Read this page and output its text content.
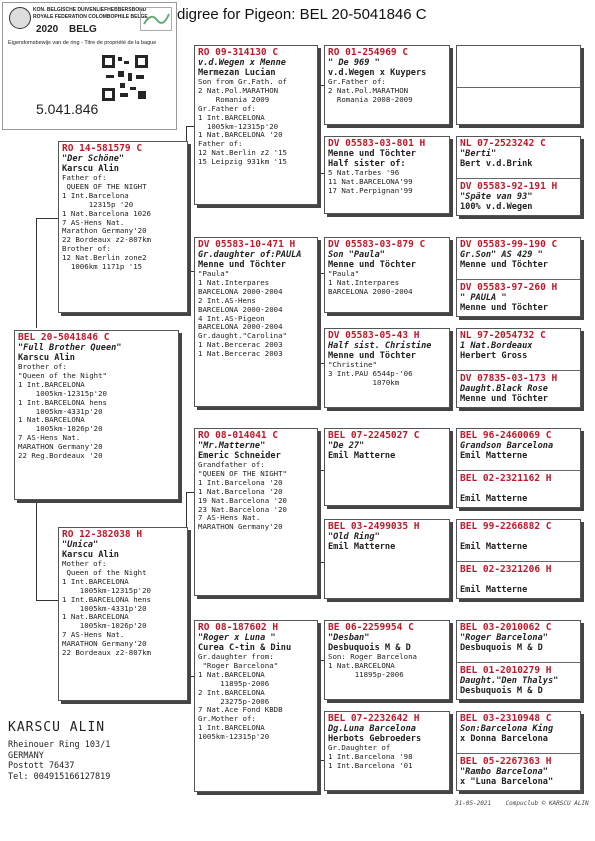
digree for Pigeon: BEL 20-5041846 C
KON. BELGISCHE DUIVENLIEFHEBBERSBOND
ROYALE FEDERATION COLOMBOPHILE BELGE
2020 BELG
Eigendomsbewijs van de ring - Titre de propriété de la bague
5.041.846
BEL 20-5041846 C
"Full Brother Queen"
Karscu Alin
Brother of:
"Queen of the Night"
1 Int.BARCELONA
1005km-12315p'20
1 Int.BARCELONA hens
1005km-4331p'20
1 Nat.BARCELONA
1005km-1026p'20
7 AS-Hens Nat.
MARATHON Germany'20
22 Reg.Bordeaux '20
RO 14-581579 C
"Der Schöne"
Karscu Alin
Father of:
QUEEN OF THE NIGHT
1 Int.Barcelona
12315p '20
1 Nat.Barcelona 1026
7 AS-Hens Nat.
Marathon Germany'20
22 Bordeaux z2-807km
Brother of:
12 Nat.Berlin zone2
1006km 1171p '15
RO 12-382038 H
"Unica"
Karscu Alin
Mother of:
Queen of the Night
1 Int.BARCELONA
1005km-12315p'20
1 Int.BARCELONA hens
1005km-4331p'20
1 Nat.BARCELONA
1005km-1026p'20
7 AS-Hens Nat.
MARATHON Germany'20
22 Bordeaux z2-807km
RO 09-314130 C
v.d.Wegen x Menne
Mermezan Lucian
Son from Gr.Fath. of
2 Nat.Pol.MARATHON
Romania 2009
Gr.Father of:
1 Int.BARCELONA
1005km-12315p'20
1 Nat.BARCELONA '20
Father of:
12 Nat.Berlin z2 '15
15 Leipzig 931km '15
DV 05583-10-471 H
Gr.daughter of:PAULA
Menne und Töchter
"Paula"
1 Nat.Interpares
BARCELONA 2000-2004
2 Int.AS-Hens
BARCELONA 2000-2004
4 Int.AS-Pigeon
BARCELONA 2000-2004
Gr.daught."Carolina"
1 Nat.Bercerac 2003
1 Nat.Bercerac 2003
RO 08-014041 C
"Mr.Matterne"
Emeric Schneider
Grandfather of:
"QUEEN OF THE NIGHT"
1 Int.Barcelona '20
1 Nat.Barcelona '20
19 Nat.Barcelona '20
23 Nat.Barcelona '20
7 AS-Hens Nat.
MARATHON Germany'20
RO 08-187602 H
"Roger x Luna "
Curea C-tin & Dinu
Gr.daughter from:
"Roger Barcelona"
1 Nat.BARCELONA
11895p-2006
2 Int.BARCELONA
23275p-2006
7 Nat.Ace Fond KBDB
Gr.Mother of:
1 Int.BARCELONA
1005km-12315p'20
RO 01-254969 C
" De 969 "
v.d.Wegen x Kuypers
Gr.Father of:
2 Nat.Pol.MARATHON
Romania 2008-2009
DV 05583-03-801 H
Menne und Töchter
Half sister of:
5 Nat.Tarbes '96
11 Nat.BARCELONA'99
17 Nat.Perpignan'99
DV 05583-03-879 C
Son "Paula"
Menne und Töchter
"Paula"
1 Nat.Interpares
BARCELONA 2000-2004
DV 05583-05-43 H
Half sist. Christine
Menne und Töchter
"Christine"
3 Int.PAU 6544p-'06
1070km
BEL 07-2245027 C
"De 27"
Emil Matterne
BEL 03-2499035 H
"Old Ring"
Emil Matterne
BE 06-2259954 C
"Desban"
Desbuquois M & D
Son: Roger Barcelona
1 Nat.BARCELONA
11895p-2006
BEL 07-2232642 H
Dg.Luna Barcelona
Herbots Gebroeders
Gr.Daughter of
1 Int.Barcelona '98
1 Int.Barcelona '01
NL 07-2523242 C
"Berti"
Bert v.d.Brink
DV 05583-92-191 H
"Späte van 93"
100% v.d.Wegen
DV 05583-99-190 C
Gr.Son" AS 429 "
Menne und Töchter
DV 05583-97-260 H
" PAULA "
Menne und Töchter
NL 97-2054732 C
1 Nat.Bordeaux
Herbert Gross
DV 07835-03-173 H
Daught.Black Rose
Menne und Töchter
BEL 96-2460069 C
Grandson Barcelona
Emil Matterne
BEL 02-2321162 H
Emil Matterne
BEL 99-2266882 C
Emil Matterne
BEL 02-2321206 H
Emil Matterne
BEL 03-2010062 C
"Roger Barcelona"
Desbuquois M & D
BEL 01-2010279 H
Daught."Den Thalys"
Desbuquois M & D
BEL 03-2310948 C
Son:Barcelona King
x Donna Barcelona
BEL 05-2267363 H
"Rambo Barcelona"
x "Luna Barcelona"
KARSCU ALIN
Rheinouer Ring 103/1
GERMANY
Postott 76437
Tel: 004915166127819
31-05-2021    Compuclub © KARSCU ALIN
